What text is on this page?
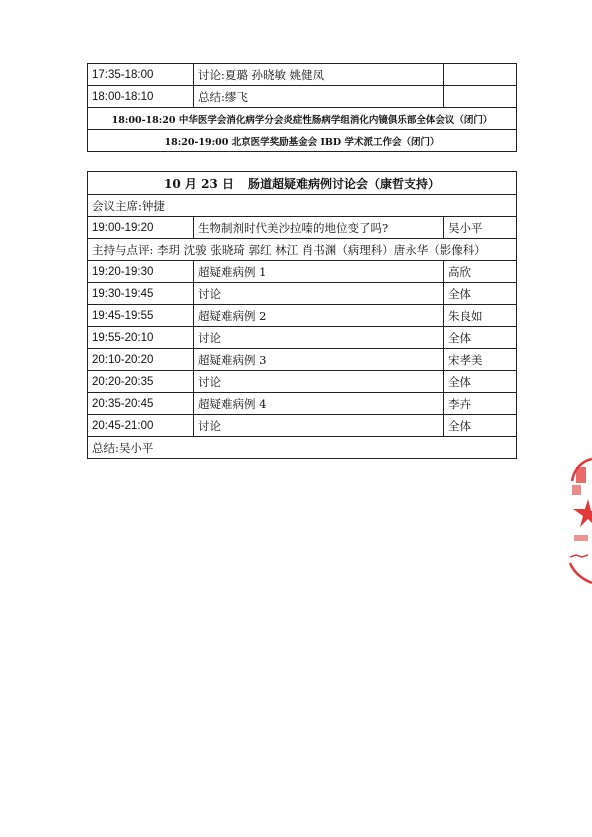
17:35-18:00	讨论:夏璐 孙晓敏 姚健凤	
18:00-18:10	总结:缪飞	
18:00-18:20 中华医学会消化病学分会炎症性肠病学组消化内镜俱乐部全体会议（闭门）		
18:20-19:00 北京医学奖励基金会 IBD 学术派工作会（闭门）		
10 月 23 日 肠道超疑难病例讨论会（康哲支持）		
会议主席:钟捷		
19:00-19:20	生物制剂时代美沙拉嗪的地位变了吗?	吴小平
主持与点评: 李玥 沈骏 张晓琦 郭红 林江 肖书渊（病理科）唐永华（影像科）		
19:20-19:30	超疑难病例 1	高欣
19:30-19:45	讨论	全体
19:45-19:55	超疑难病例 2	朱良如
19:55-20:10	讨论	全体
20:10-20:20	超疑难病例 3	宋孝美
20:20-20:35	讨论	全体
20:35-20:45	超疑难病例 4	李卉
20:45-21:00	讨论	全体
总结:吴小平		
